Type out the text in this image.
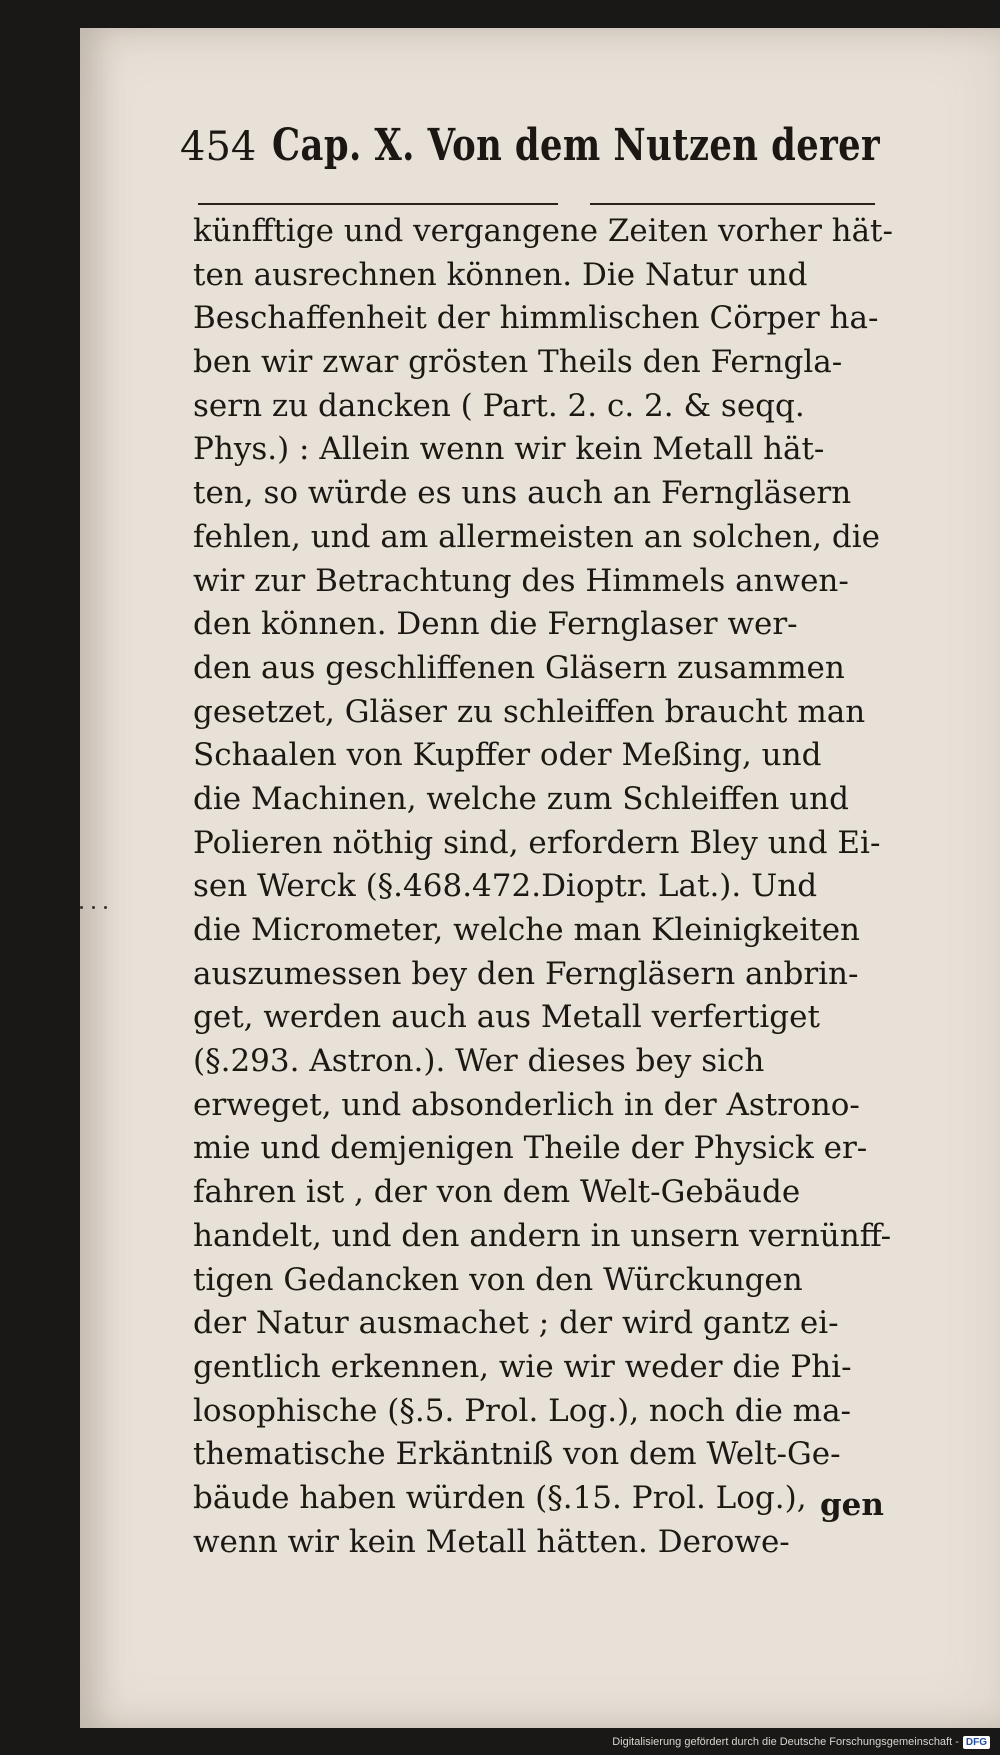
454 Cap. X. Von dem Nutzen derer
künfftige und vergangene Zeiten vorher hät-
ten ausrechnen können. Die Natur und
Beschaffenheit der himmlischen Cörper ha-
ben wir zwar grösten Theils den Ferngla-
sern zu dancken ( Part. 2. c. 2. & seqq.
Phys.) : Allein wenn wir kein Metall hät-
ten, so würde es uns auch an Ferngläsern
fehlen, und am allermeisten an solchen, die
wir zur Betrachtung des Himmels anwen-
den können. Denn die Fernglaser wer-
den aus geschliffenen Gläsern zusammen
gesetzet, Gläser zu schleiffen braucht man
Schaalen von Kupffer oder Meßing, und
die Machinen, welche zum Schleiffen und
Polieren nöthig sind, erfordern Bley und Ei-
sen Werck (§.468.472.Dioptr. Lat.). Und
die Micrometer, welche man Kleinigkeiten
auszumessen bey den Ferngläsern anbrin-
get, werden auch aus Metall verfertiget
(§.293. Astron.). Wer dieses bey sich
erweget, und absonderlich in der Astrono-
mie und demjenigen Theile der Physick er-
fahren ist , der von dem Welt-Gebäude
handelt, und den andern in unsern vernünff-
tigen Gedancken von den Würckungen
der Natur ausmachet ; der wird gantz ei-
gentlich erkennen, wie wir weder die Phi-
losophische (§.5. Prol. Log.), noch die ma-
thematische Erkäntniß von dem Welt-Ge-
bäude haben würden (§.15. Prol. Log.),
wenn wir kein Metall hätten. Derowe-
gen
Digitalisierung gefördert durch die Deutsche Forschungsgemeinschaft - DFG
